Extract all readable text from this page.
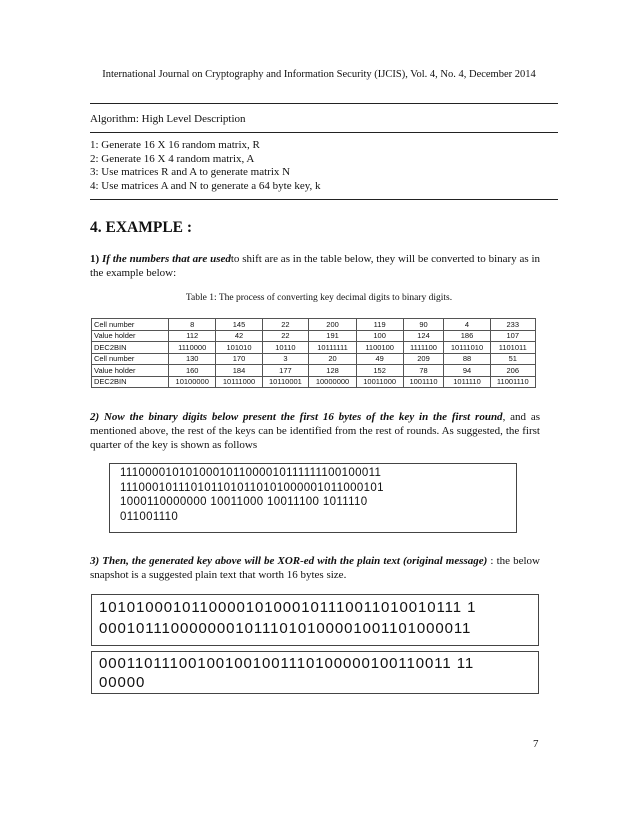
International Journal on Cryptography and Information Security (IJCIS), Vol. 4, No. 4, December 2014
Algorithm: High Level Description
1: Generate 16 X 16 random matrix, R
2: Generate 16 X 4 random matrix, A
3: Use matrices R and A to generate matrix N
4: Use matrices A and N to generate a 64 byte key, k
4. EXAMPLE :
1) If the numbers that are usedto shift are as in the table below, they will be converted to binary as in the example below:
Table 1: The process of converting key decimal digits to binary digits.
Cell number	8	145	22	200	119	90	4	233
Value holder	112	42	22	191	100	124	186	107
DEC2BIN	1110000	101010	10110	10111111	1100100	1111100	10111010	1101011
Cell number	130	170	3	20	49	209	88	51
Value holder	160	184	177	128	152	78	94	206
DEC2BIN	10100000	10111000	10110001	10000000	10011000	1001110	1011110	11001110
2) Now the binary digits below present the first 16 bytes of the key in the first round, and as mentioned above, the rest of the keys can be identified from the rest of rounds. As suggested, the first quarter of the key is shown as follows
1110000101010001011000010111111100100011
1110001011101011010110101000001011000101
1000110000000 10011000 10011100 1011110
011001110
3) Then, the generated key above will be XOR-ed with the plain text (original message) : the below snapshot is a suggested plain text that worth 16 bytes size.
1010100010110000101000101110011010010111 1
00010111000000010111010100001001101000011
000110111001001001001110100000100110011 11
00000
7
